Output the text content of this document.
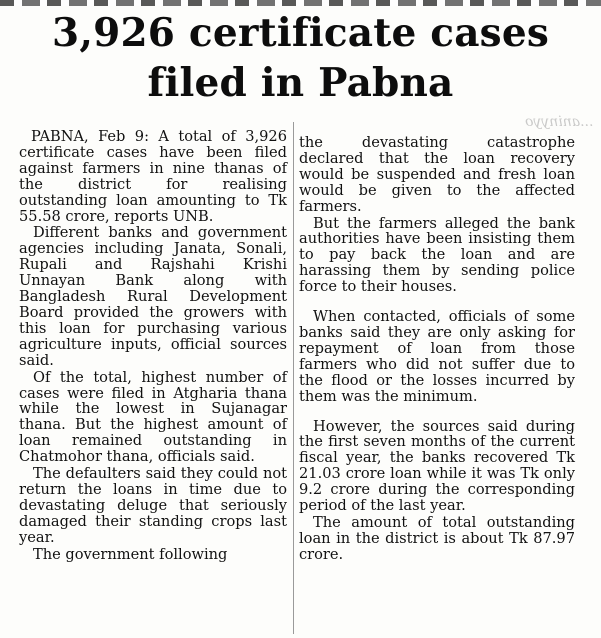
3,926 certificate cases
filed in Pabna
...aninyyo

PABNA, Feb 9: A total of 3,926 certificate cases have been filed against farmers in nine thanas of the district for realising outstanding loan amounting to Tk 55.58 crore, reports UNB.

Different banks and government agencies including Janata, Sonali, Rupali and Rajshahi Krishi Unnayan Bank along with Bangladesh Rural Development Board provided the growers with this loan for purchasing various agriculture inputs, official sources said.

Of the total, highest number of cases were filed in Atgharia thana while the lowest in Sujanagar thana. But the highest amount of loan remained outstanding in Chatmohor thana, officials said.

The defaulters said they could not return the loans in time due to devastating deluge that seriously damaged their standing crops last year.

The government following

the devastating catastrophe declared that the loan recovery would be suspended and fresh loan would be given to the affected farmers.

But the farmers alleged the bank authorities have been insisting them to pay back the loan and are harassing them by sending police force to their houses.

When contacted, officials of some banks said they are only asking for repayment of loan from those farmers who did not suffer due to the flood or the losses incurred by them was the minimum.

However, the sources said during the first seven months of the current fiscal year, the banks recovered Tk 21.03 crore loan while it was Tk only 9.2 crore during the corresponding period of the last year.

The amount of total outstanding loan in the district is about Tk 87.97 crore.
